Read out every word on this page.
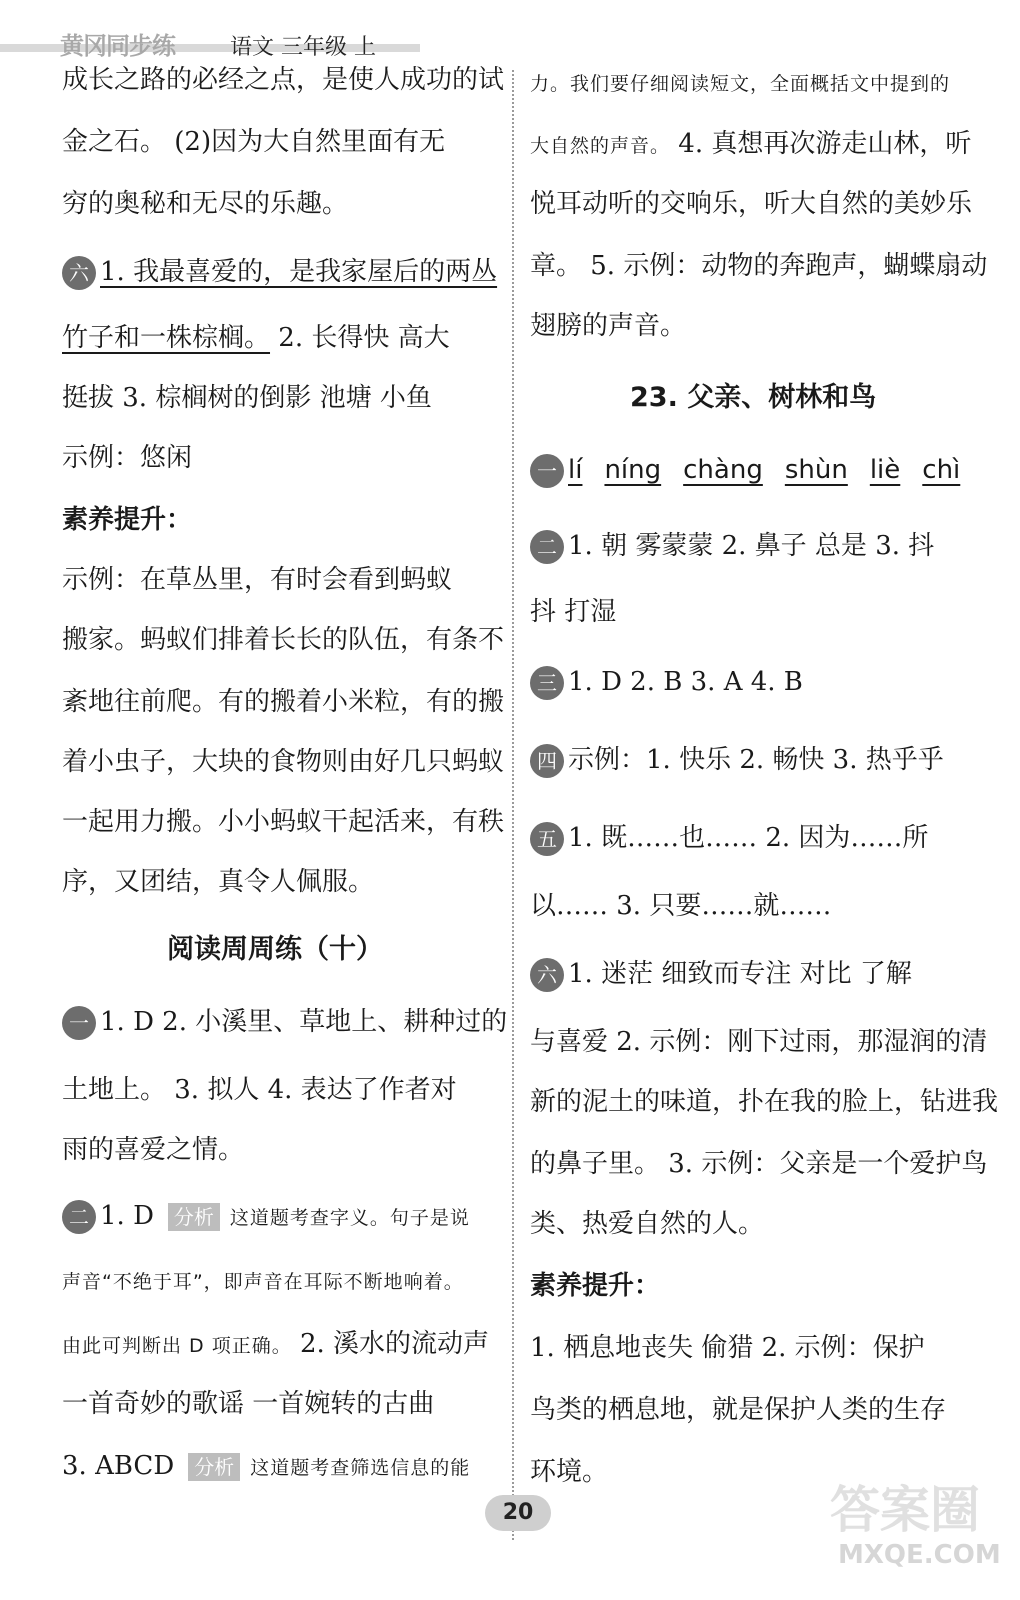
黄冈同步练	语文 三年级 上
成长之路的必经之点，是使人成功的试
金之石。 (2)因为大自然里面有无
穷的奥秘和无尽的乐趣。
六 1. 我最喜爱的，是我家屋后的两丛
竹子和一株棕榈。 2. 长得快 高大
挺拔 3. 棕榈树的倒影 池塘 小鱼
示例：悠闲
素养提升：
示例：在草丛里，有时会看到蚂蚁
搬家。蚂蚁们排着长长的队伍，有条不
紊地往前爬。有的搬着小米粒，有的搬
着小虫子，大块的食物则由好几只蚂蚁
一起用力搬。小小蚂蚁干起活来，有秩
序，又团结，真令人佩服。
阅读周周练（十）
一 1. D 2. 小溪里、草地上、耕种过的
土地上。 3. 拟人 4. 表达了作者对
雨的喜爱之情。
二 1. D 分析 这道题考查字义。句子是说
声音“不绝于耳”，即声音在耳际不断地响着。
由此可判断出 D 项正确。 2. 溪水的流动声
一首奇妙的歌谣 一首婉转的古曲
3. ABCD 分析 这道题考查筛选信息的能
力。我们要仔细阅读短文，全面概括文中提到的
大自然的声音。 4. 真想再次游走山林，听
悦耳动听的交响乐，听大自然的美妙乐
章。 5. 示例：动物的奔跑声，蝴蝶扇动
翅膀的声音。
23. 父亲、树林和鸟
一 lí níng chàng shùn liè chì
二 1. 朝 雾蒙蒙 2. 鼻子 总是 3. 抖
抖 打湿
三 1. D 2. B 3. A 4. B
四 示例：1. 快乐 2. 畅快 3. 热乎乎
五 1. 既……也…… 2. 因为……所
以…… 3. 只要……就……
六 1. 迷茫 细致而专注 对比 了解
与喜爱 2. 示例：刚下过雨，那湿润的清
新的泥土的味道，扑在我的脸上，钻进我
的鼻子里。 3. 示例：父亲是一个爱护鸟
类、热爱自然的人。
素养提升：
1. 栖息地丧失 偷猎 2. 示例：保护
鸟类的栖息地，就是保护人类的生存
环境。
20	答案圈
MXQE.COM
